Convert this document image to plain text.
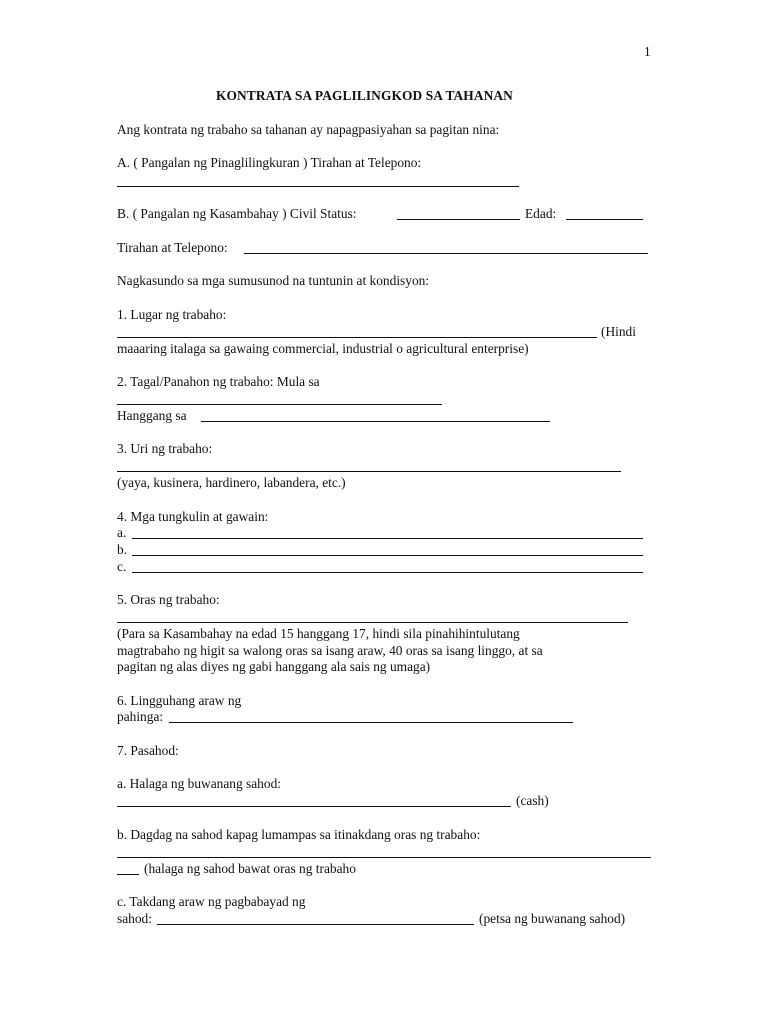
1
KONTRATA SA PAGLILINGKOD SA TAHANAN
Ang kontrata ng trabaho sa tahanan ay napagpasiyahan sa pagitan nina:
A. ( Pangalan ng Pinaglilingkuran ) Tirahan at Telepono:
B. ( Pangalan ng Kasambahay ) Civil Status:	Edad:
Tirahan at Telepono:
Nagkasundo sa mga sumusunod na tuntunin at kondisyon:
1. Lugar ng trabaho:
(Hindi
maaaring italaga sa gawaing commercial, industrial o agricultural enterprise)
2. Tagal/Panahon ng trabaho: Mula sa
Hanggang sa
3. Uri ng trabaho:
(yaya, kusinera, hardinero, labandera, etc.)
4. Mga tungkulin at gawain:
a.
b.
c.
5. Oras ng trabaho:
(Para sa Kasambahay na edad 15 hanggang 17, hindi sila pinahihintulutang
magtrabaho ng higit sa walong oras sa isang araw, 40 oras sa isang linggo, at sa
pagitan ng alas diyes ng gabi hanggang ala sais ng umaga)
6. Lingguhang araw ng
pahinga:
7. Pasahod:
a. Halaga ng buwanang sahod:
(cash)
b. Dagdag na sahod kapag lumampas sa itinakdang oras ng trabaho:
(halaga ng sahod bawat oras ng trabaho
c. Takdang araw ng pagbabayad ng
sahod:	(petsa ng buwanang sahod)
